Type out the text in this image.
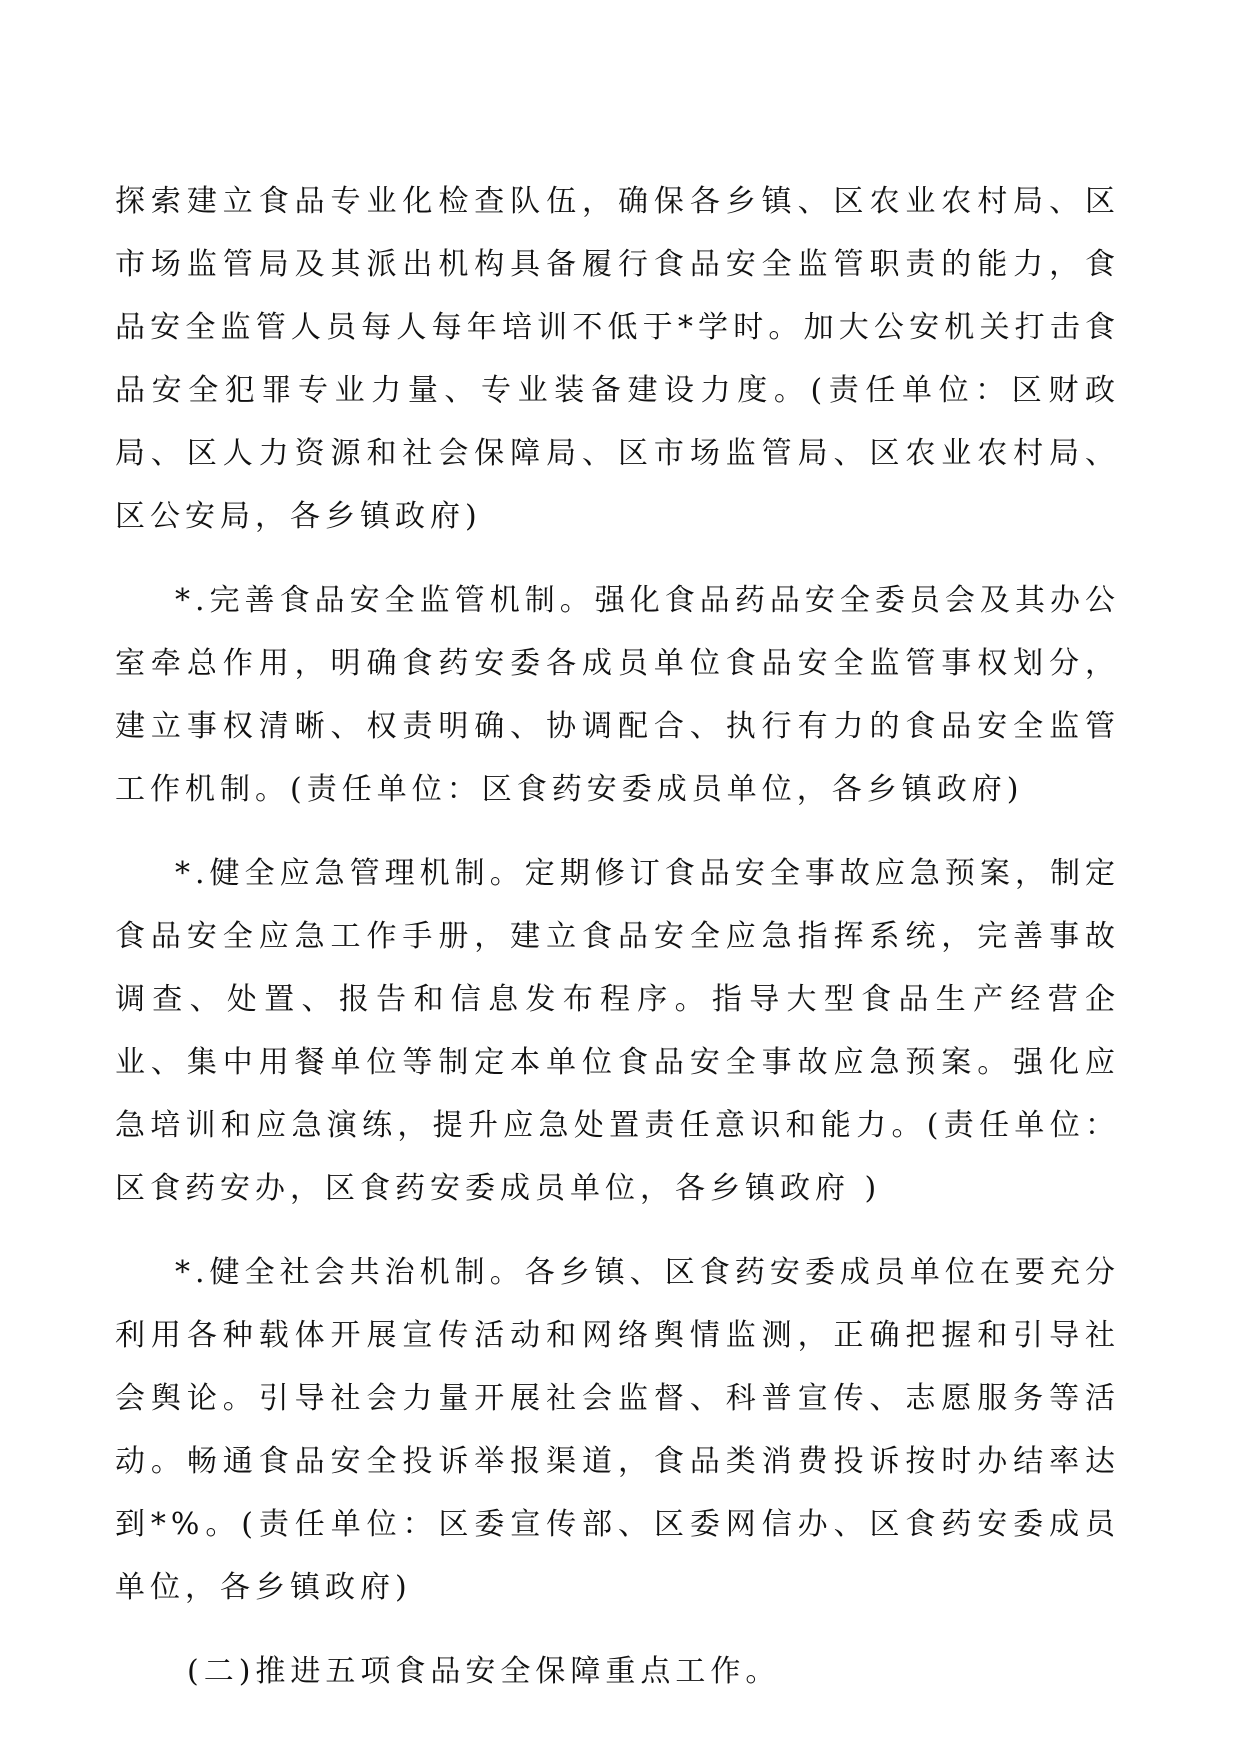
探索建立食品专业化检查队伍，确保各乡镇、区农业农村局、区市场监管局及其派出机构具备履行食品安全监管职责的能力，食品安全监管人员每人每年培训不低于*学时。加大公安机关打击食品安全犯罪专业力量、专业装备建设力度。(责任单位：区财政局、区人力资源和社会保障局、区市场监管局、区农业农村局、区公安局，各乡镇政府)

*.完善食品安全监管机制。强化食品药品安全委员会及其办公室牵总作用，明确食药安委各成员单位食品安全监管事权划分，建立事权清晰、权责明确、协调配合、执行有力的食品安全监管工作机制。(责任单位：区食药安委成员单位，各乡镇政府)

*.健全应急管理机制。定期修订食品安全事故应急预案，制定食品安全应急工作手册，建立食品安全应急指挥系统，完善事故调查、处置、报告和信息发布程序。指导大型食品生产经营企业、集中用餐单位等制定本单位食品安全事故应急预案。强化应急培训和应急演练，提升应急处置责任意识和能力。(责任单位：区食药安办，区食药安委成员单位，各乡镇政府 )

*.健全社会共治机制。各乡镇、区食药安委成员单位在要充分利用各种载体开展宣传活动和网络舆情监测，正确把握和引导社会舆论。引导社会力量开展社会监督、科普宣传、志愿服务等活动。畅通食品安全投诉举报渠道，食品类消费投诉按时办结率达到*%。(责任单位：区委宣传部、区委网信办、区食药安委成员单位，各乡镇政府)

(二)推进五项食品安全保障重点工作。
